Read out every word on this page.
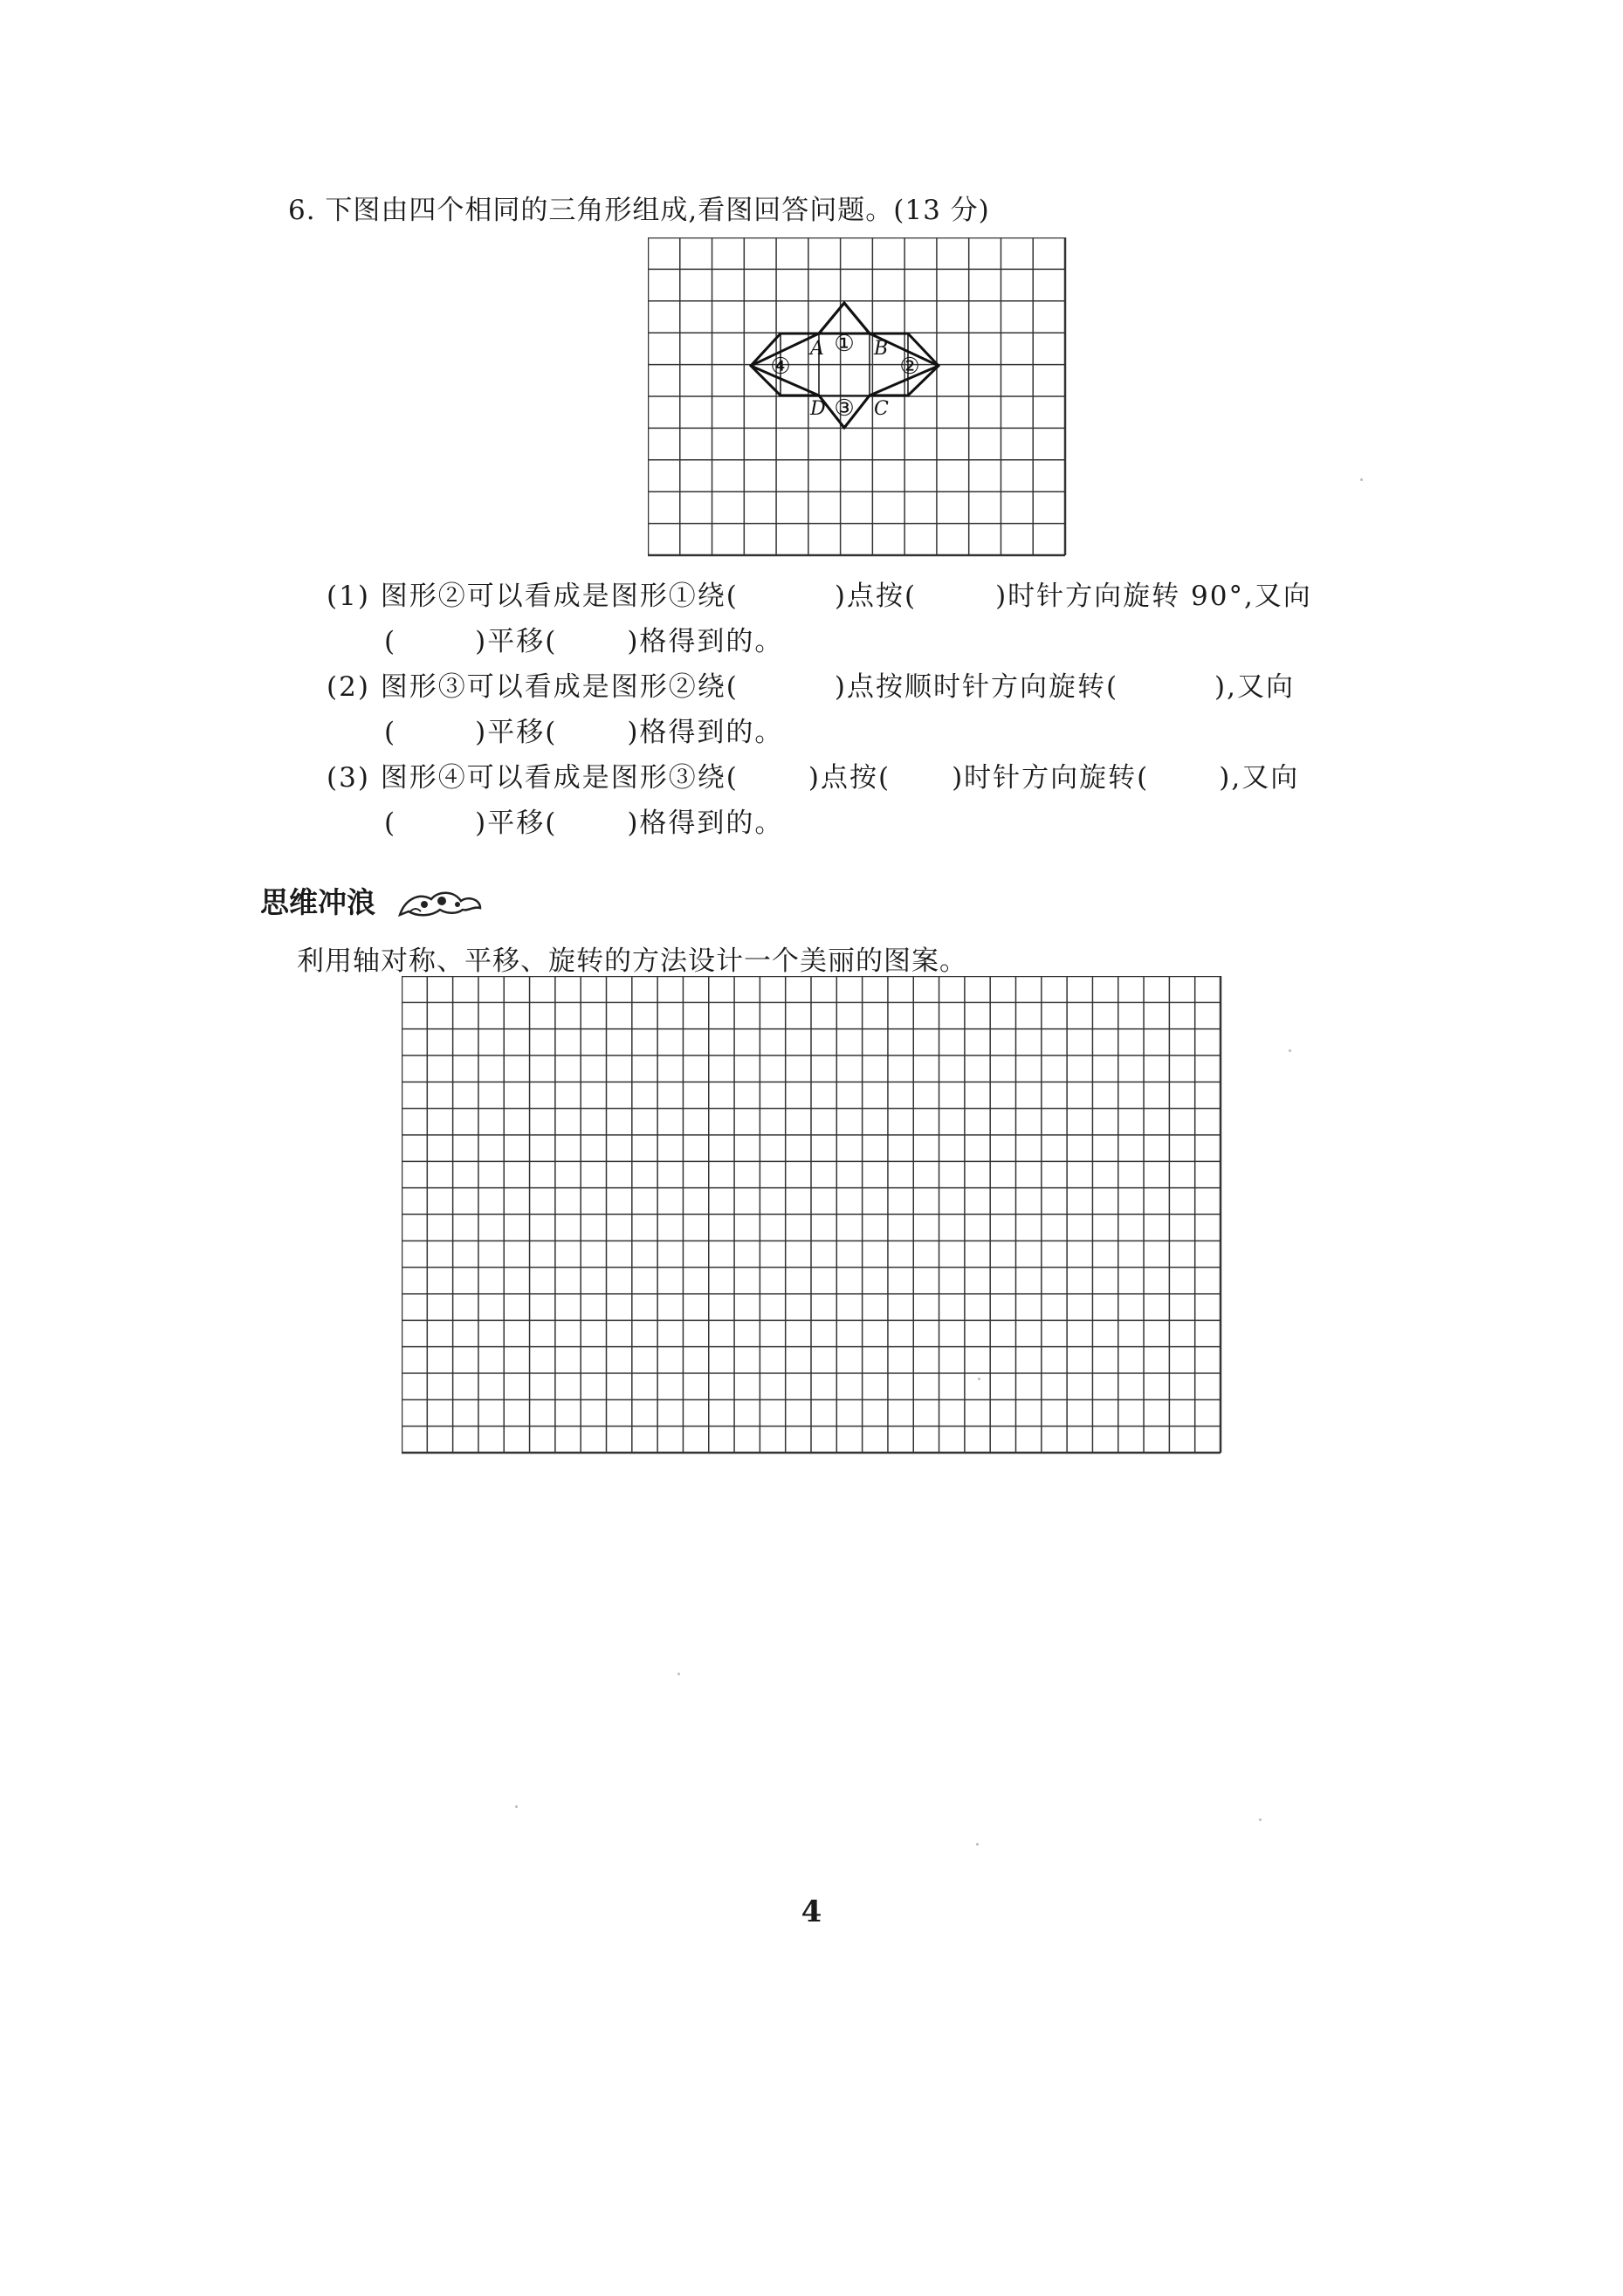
6. 下图由四个相同的三角形组成,看图回答问题。(13 分)
A	B
C
D
①
②
③
④
(1) 图形②可以看成是图形①绕(	)点按(	)时针方向旋转 90°,又向
(	)平移(	)格得到的。
(2) 图形③可以看成是图形②绕(	)点按顺时针方向旋转(	),又向
(	)平移(	)格得到的。
(3) 图形④可以看成是图形③绕(	)点按( )时针方向旋转(	),又向
(	)平移(	)格得到的。
思维冲浪
利用轴对称、平移、旋转的方法设计一个美丽的图案。
4
